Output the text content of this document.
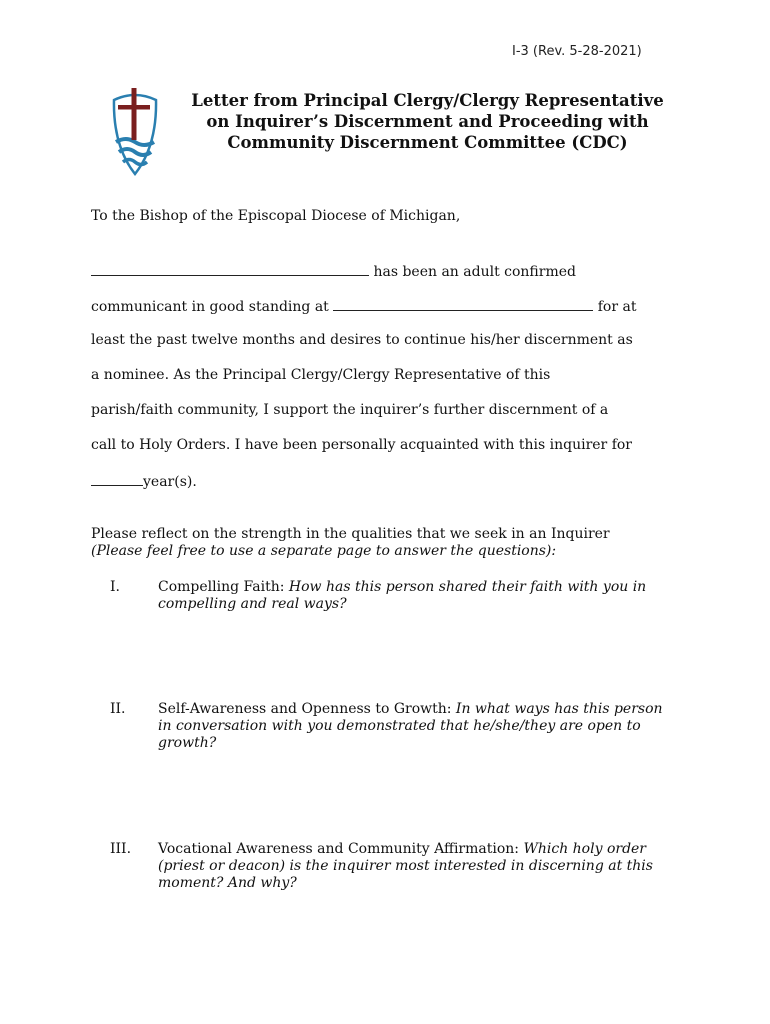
I-3 (Rev. 5-28-2021)
Letter from Principal Clergy/Clergy Representative
on Inquirer’s Discernment and Proceeding with
Community Discernment Committee (CDC)
To the Bishop of the Episcopal Diocese of Michigan,
has been an adult confirmed
communicant in good standing at	for at
least the past twelve months and desires to continue his/her discernment as
a nominee. As the Principal Clergy/Clergy Representative of this
parish/faith community, I support the inquirer’s further discernment of a
call to Holy Orders. I have been personally acquainted with this inquirer for
year(s).
Please reflect on the strength in the qualities that we seek in an Inquirer
(Please feel free to use a separate page to answer the questions):
I.	Compelling Faith: How has this person shared their faith with you in compelling and real ways?
II. Self-Awareness and Openness to Growth: In what ways has this person in conversation with you demonstrated that he/she/they are open to growth?
III. Vocational Awareness and Community Affirmation: Which holy order (priest or deacon) is the inquirer most interested in discerning at this moment? And why?
